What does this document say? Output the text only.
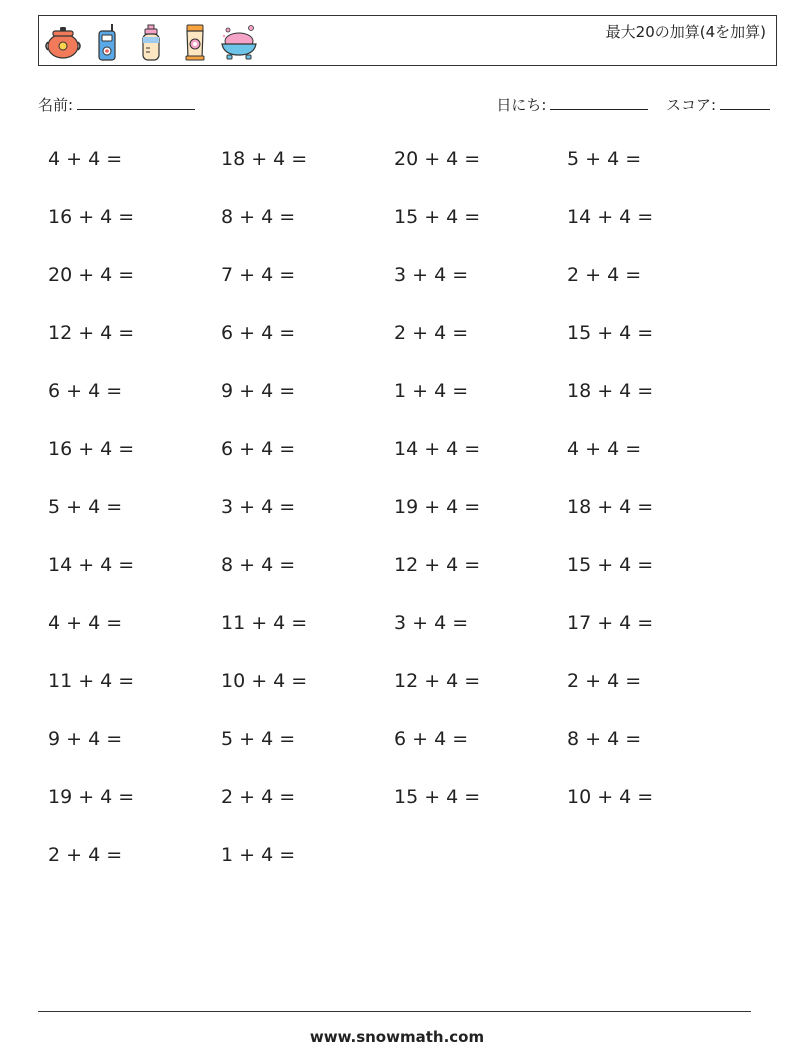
最大20の加算(4を加算)
名前:	日にち:	スコア:
4 + 4 =	18 + 4 =	20 + 4 =	5 + 4 =
16 + 4 =	8 + 4 =	15 + 4 =	14 + 4 =
20 + 4 =	7 + 4 =	3 + 4 =	2 + 4 =
12 + 4 =	6 + 4 =	2 + 4 =	15 + 4 =
6 + 4 =	9 + 4 =	1 + 4 =	18 + 4 =
16 + 4 =	6 + 4 =	14 + 4 =	4 + 4 =
5 + 4 =	3 + 4 =	19 + 4 =	18 + 4 =
14 + 4 =	8 + 4 =	12 + 4 =	15 + 4 =
4 + 4 =	11 + 4 =	3 + 4 =	17 + 4 =
11 + 4 =	10 + 4 =	12 + 4 =	2 + 4 =
9 + 4 =	5 + 4 =	6 + 4 =	8 + 4 =
19 + 4 =	2 + 4 =	15 + 4 =	10 + 4 =
2 + 4 =	1 + 4 =
www.snowmath.com
